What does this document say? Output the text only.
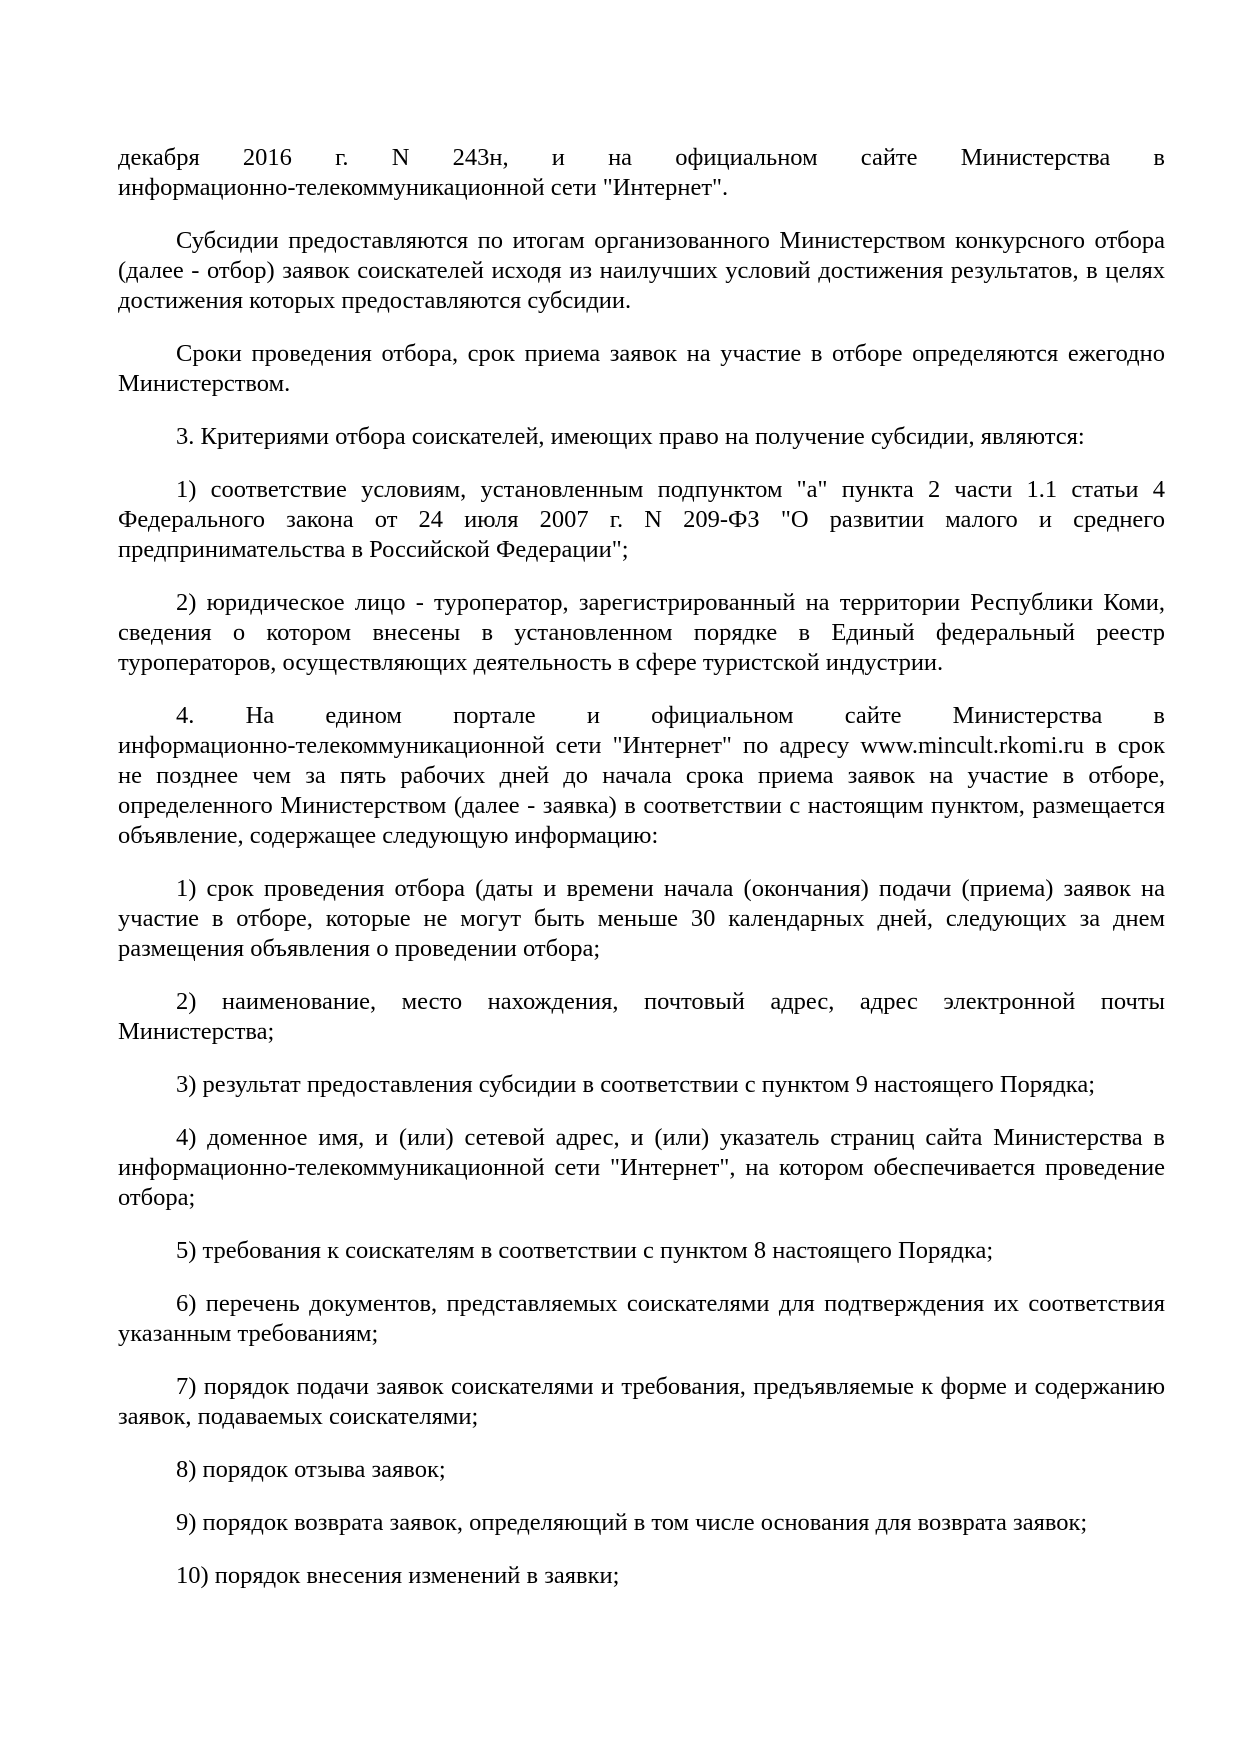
декабря 2016 г. N 243н, и на официальном сайте Министерства в
информационно-телекоммуникационной сети "Интернет".
Субсидии предоставляются по итогам организованного Министерством конкурсного отбора
(далее - отбор) заявок соискателей исходя из наилучших условий достижения результатов, в целях
достижения которых предоставляются субсидии.
Сроки проведения отбора, срок приема заявок на участие в отборе определяются ежегодно
Министерством.
3. Критериями отбора соискателей, имеющих право на получение субсидии, являются:
1) соответствие условиям, установленным подпунктом "а" пункта 2 части 1.1 статьи 4
Федерального закона от 24 июля 2007 г. N 209-ФЗ "О развитии малого и среднего
предпринимательства в Российской Федерации";
2) юридическое лицо - туроператор, зарегистрированный на территории Республики Коми,
сведения о котором внесены в установленном порядке в Единый федеральный реестр
туроператоров, осуществляющих деятельность в сфере туристской индустрии.
4. На едином портале и официальном сайте Министерства в
информационно-телекоммуникационной сети "Интернет" по адресу www.mincult.rkomi.ru в срок
не позднее чем за пять рабочих дней до начала срока приема заявок на участие в отборе,
определенного Министерством (далее - заявка) в соответствии с настоящим пунктом, размещается
объявление, содержащее следующую информацию:
1) срок проведения отбора (даты и времени начала (окончания) подачи (приема) заявок на
участие в отборе, которые не могут быть меньше 30 календарных дней, следующих за днем
размещения объявления о проведении отбора;
2) наименование, место нахождения, почтовый адрес, адрес электронной почты
Министерства;
3) результат предоставления субсидии в соответствии с пунктом 9 настоящего Порядка;
4) доменное имя, и (или) сетевой адрес, и (или) указатель страниц сайта Министерства в
информационно-телекоммуникационной сети "Интернет", на котором обеспечивается проведение
отбора;
5) требования к соискателям в соответствии с пунктом 8 настоящего Порядка;
6) перечень документов, представляемых соискателями для подтверждения их соответствия
указанным требованиям;
7) порядок подачи заявок соискателями и требования, предъявляемые к форме и содержанию
заявок, подаваемых соискателями;
8) порядок отзыва заявок;
9) порядок возврата заявок, определяющий в том числе основания для возврата заявок;
10) порядок внесения изменений в заявки;
